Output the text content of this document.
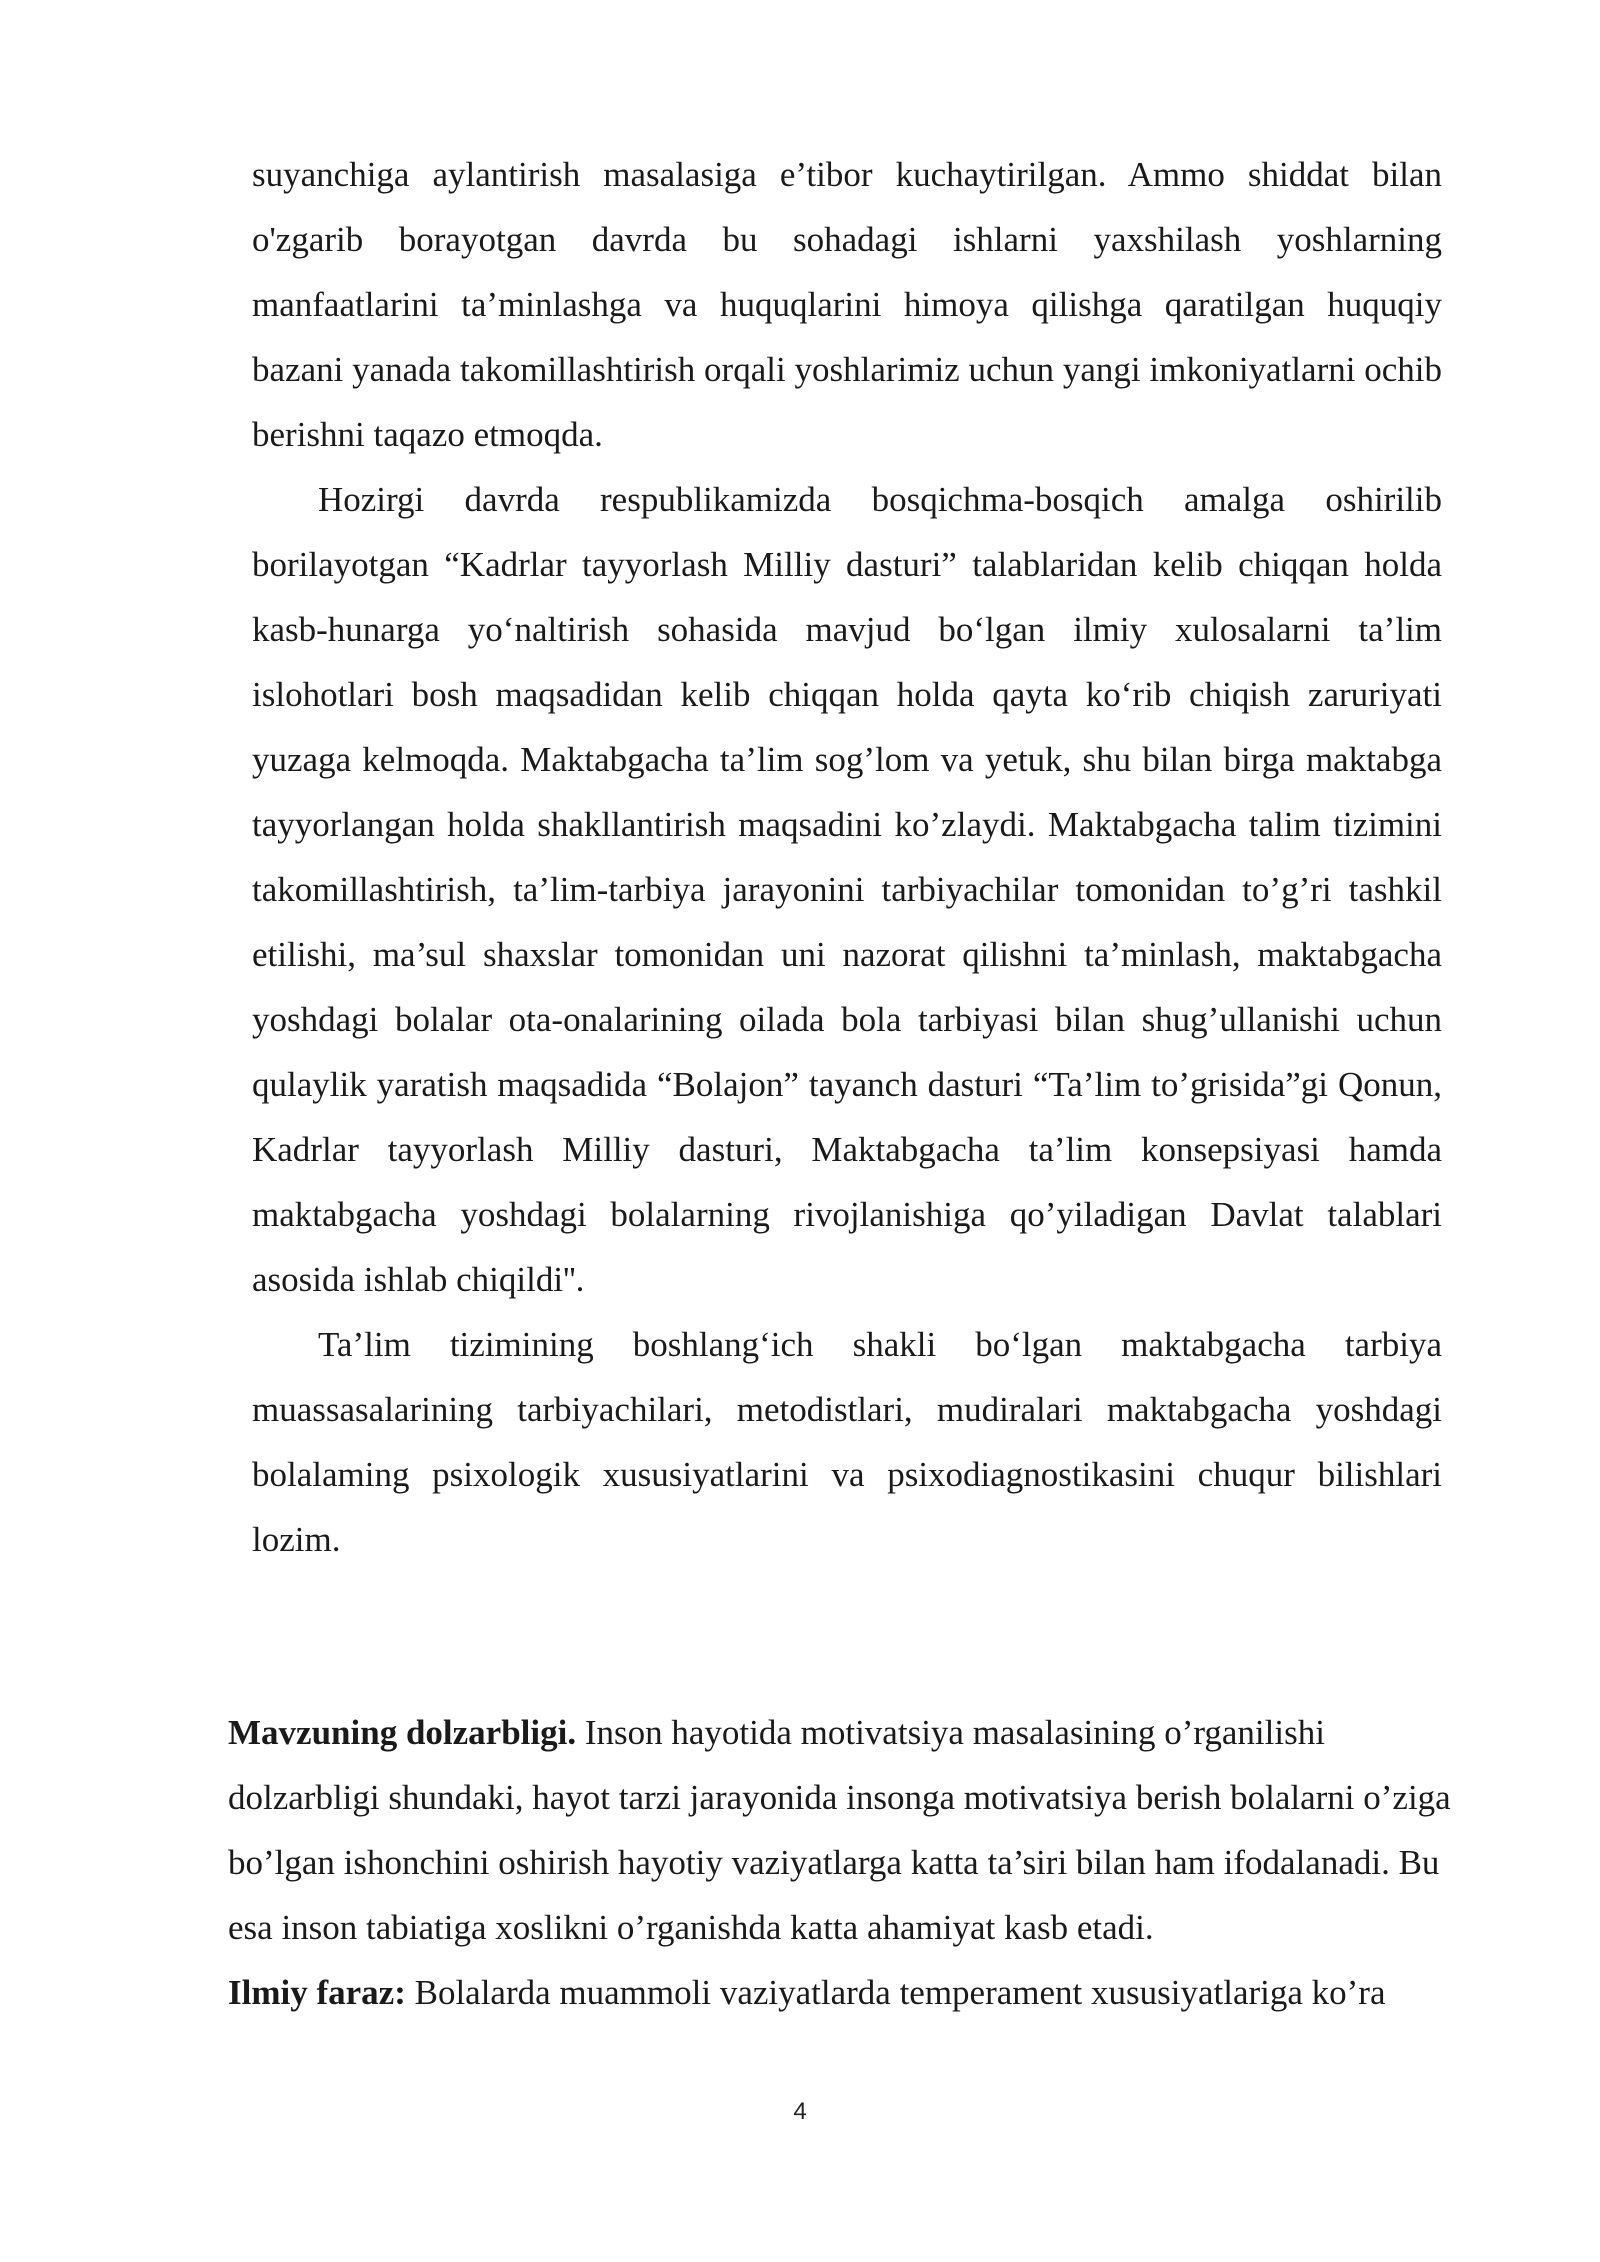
suyanchiga aylantirish masalasiga e’tibor kuchaytirilgan. Ammo shiddat bilan o'zgarib borayotgan davrda bu sohadagi ishlarni yaxshilash yoshlarning manfaatlarini ta’minlashga va huquqlarini himoya qilishga qaratilgan huquqiy bazani yanada takomillashtirish orqali yoshlarimiz uchun yangi imkoniyatlarni ochib berishni taqazo etmoqda.

Hozirgi davrda respublikamizda bosqichma-bosqich amalga oshirilib borilayotgan “Kadrlar tayyorlash Milliy dasturi” talablaridan kelib chiqqan holda kasb-hunarga yo‘naltirish sohasida mavjud bo‘lgan ilmiy xulosalarni ta’lim islohotlari bosh maqsadidan kelib chiqqan holda qayta ko‘rib chiqish zaruriyati yuzaga kelmoqda. Maktabgacha ta’lim sog’lom va yetuk, shu bilan birga maktabga tayyorlangan holda shakllantirish maqsadini ko’zlaydi. Maktabgacha talim tizimini takomillashtirish, ta’lim-tarbiya jarayonini tarbiyachilar tomonidan to’g’ri tashkil etilishi, ma’sul shaxslar tomonidan uni nazorat qilishni ta’minlash, maktabgacha yoshdagi bolalar ota-onalarining oilada bola tarbiyasi bilan shug’ullanishi uchun qulaylik yaratish maqsadida “Bolajon” tayanch dasturi “Ta’lim to’grisida”gi Qonun, Kadrlar tayyorlash Milliy dasturi, Maktabgacha ta’lim konsepsiyasi hamda maktabgacha yoshdagi bolalarning rivojlanishiga qo’yiladigan Davlat talablari asosida ishlab chiqildi''.

Ta’lim tizimining boshlang‘ich shakli bo‘lgan maktabgacha tarbiya muassasalarining tarbiyachilari, metodistlari, mudiralari maktabgacha yoshdagi bolalaming psixologik xususiyatlarini va psixodiagnostikasini chuqur bilishlari lozim.

Mavzuning dolzarbligi. Inson hayotida motivatsiya masalasining o’rganilishi dolzarbligi shundaki, hayot tarzi jarayonida insonga motivatsiya berish bolalarni o’ziga bo’lgan ishonchini oshirish hayotiy vaziyatlarga katta ta’siri bilan ham ifodalanadi. Bu esa inson tabiatiga xoslikni o’rganishda katta ahamiyat kasb etadi.

Ilmiy faraz: Bolalarda muammoli vaziyatlarda temperament xususiyatlariga ko’ra

4
